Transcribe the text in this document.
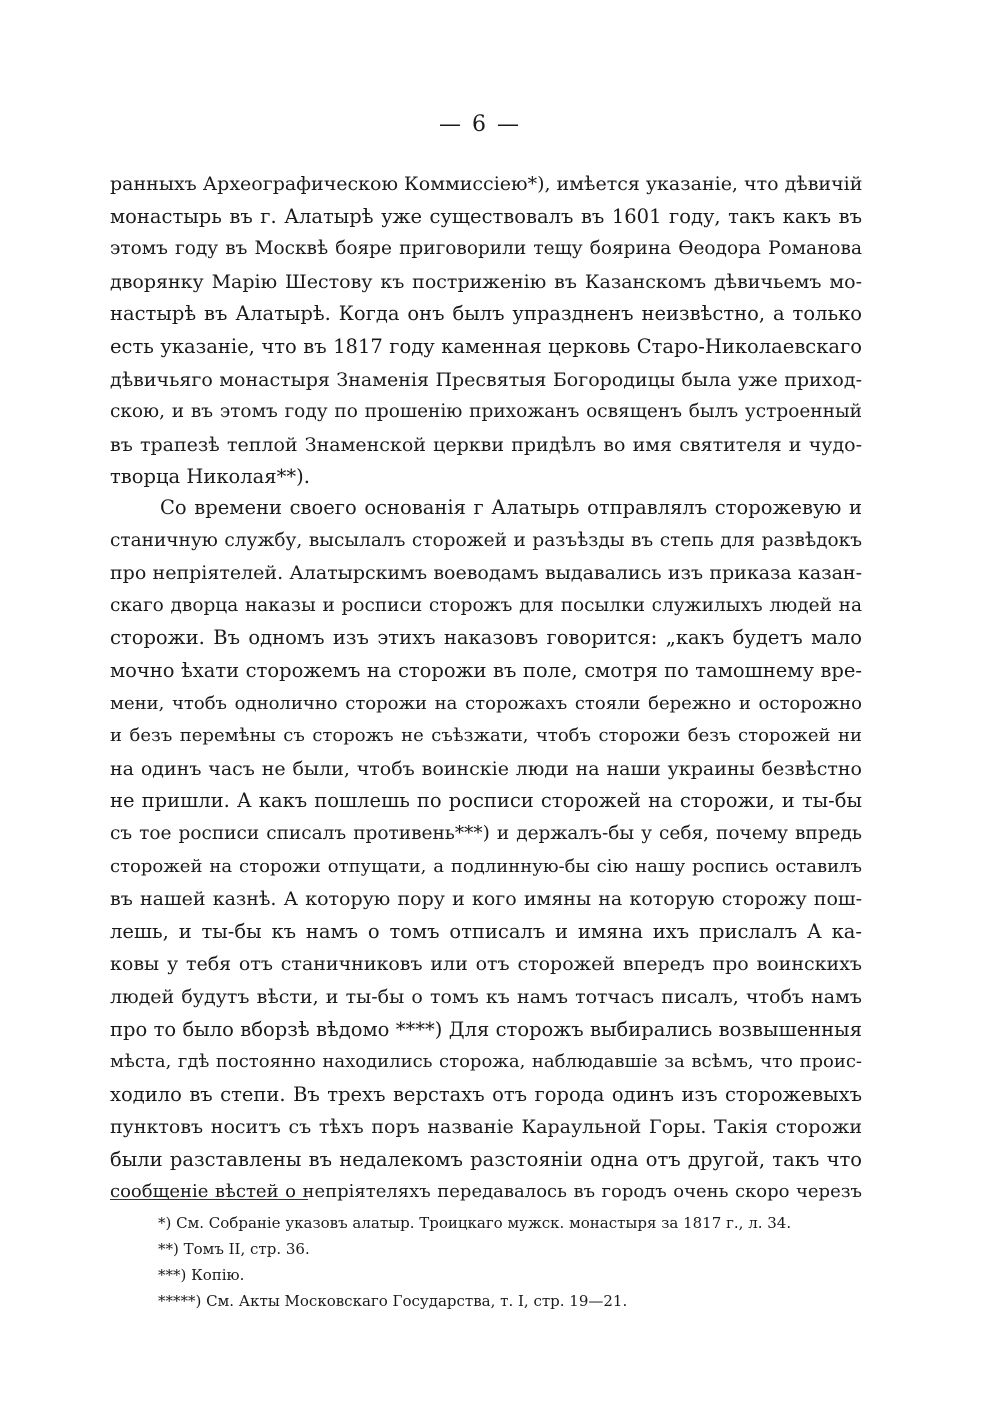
— 6 —
ранныхъ Археографическою Коммиссіею*), имѣется указаніе, что дѣвичій
монастырь въ г. Алатырѣ уже существовалъ въ 1601 году, такъ какъ въ
этомъ году въ Москвѣ бояре приговорили тещу боярина Ѳеодора Романова
дворянку Марію Шестову къ постриженію въ Казанскомъ дѣвичьемъ мо-
настырѣ въ Алатырѣ. Когда онъ былъ упраздненъ неизвѣстно, а только
есть указаніе, что въ 1817 году каменная церковь Старо-Николаевскаго
дѣвичьяго монастыря Знаменія Пресвятыя Богородицы была уже приход-
скою, и въ этомъ году по прошенію прихожанъ освященъ былъ устроенный
въ трапезѣ теплой Знаменской церкви придѣлъ во имя святителя и чудо-
творца Николая**).
Со времени своего основанія г Алатырь отправлялъ сторожевую и
станичную службу, высылалъ сторожей и разъѣзды въ степь для развѣдокъ
про непріятелей. Алатырскимъ воеводамъ выдавались изъ приказа казан-
скаго дворца наказы и росписи сторожъ для посылки служилыхъ людей на
сторожи. Въ одномъ изъ этихъ наказовъ говорится: „какъ будетъ мало
мочно ѣхати сторожемъ на сторожи въ поле, смотря по тамошнему вре-
мени, чтобъ однолично сторожи на сторожахъ стояли бережно и осторожно
и безъ перемѣны съ сторожъ не съѣзжати, чтобъ сторожи безъ сторожей ни
на одинъ часъ не были, чтобъ воинскіе люди на наши украины безвѣстно
не пришли. А какъ пошлешь по росписи сторожей на сторожи, и ты-бы
съ тое росписи списалъ противень***) и держалъ-бы у себя, почему впредь
сторожей на сторожи отпущати, а подлинную-бы сію нашу роспись оставилъ
въ нашей казнѣ. А которую пору и кого имяны на которую сторожу пош-
лешь, и ты-бы къ намъ о томъ отписалъ и имяна ихъ прислалъ А ка-
ковы у тебя отъ станичниковъ или отъ сторожей впередъ про воинскихъ
людей будутъ вѣсти, и ты-бы о томъ къ намъ тотчасъ писалъ, чтобъ намъ
про то было вборзѣ вѣдомо ****) Для сторожъ выбирались возвышенныя
мѣста, гдѣ постоянно находились сторожа, наблюдавшіе за всѣмъ, что проис-
ходило въ степи. Въ трехъ верстахъ отъ города одинъ изъ сторожевыхъ
пунктовъ носитъ съ тѣхъ поръ названіе Караульной Горы. Такія сторожи
были разставлены въ недалекомъ разстояніи одна отъ другой, такъ что
сообщеніе вѣстей о непріятеляхъ передавалось въ городъ очень скоро черезъ
*) См. Собраніе указовъ алатыр. Троицкаго мужск. монастыря за 1817 г., л. 34.
**) Томъ II, стр. 36.
***) Копію.
*****) См. Акты Московскаго Государства, т. I, стр. 19—21.
